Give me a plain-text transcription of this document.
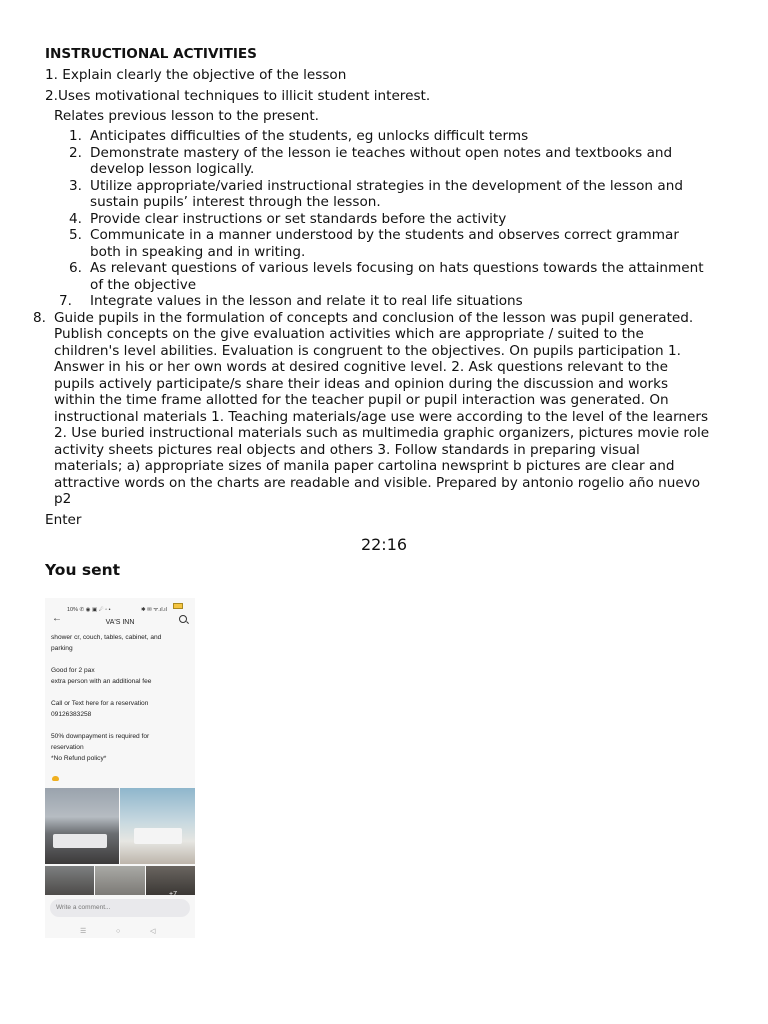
INSTRUCTIONAL ACTIVITIES
1. Explain clearly the objective of the lesson
2.Uses motivational techniques to illicit student interest.
Relates previous lesson to the present.
1. Anticipates difficulties of the students, eg unlocks difficult terms
2. Demonstrate mastery of the lesson ie teaches without open notes and textbooks and
develop lesson logically.
3. Utilize appropriate/varied instructional strategies in the development of the lesson and
sustain pupils’ interest through the lesson.
4. Provide clear instructions or set standards before the activity
5. Communicate in a manner understood by the students and observes correct grammar
both in speaking and in writing.
6. As relevant questions of various levels focusing on hats questions towards the attainment
of the objective
7. Integrate values in the lesson and relate it to real life situations
8. Guide pupils in the formulation of concepts and conclusion of the lesson was pupil generated.
Publish concepts on the give evaluation activities which are appropriate / suited to the
children's level abilities. Evaluation is congruent to the objectives. On pupils participation 1.
Answer in his or her own words at desired cognitive level. 2. Ask questions relevant to the
pupils actively participate/s share their ideas and opinion during the discussion and works
within the time frame allotted for the teacher pupil or pupil interaction was generated. On
instructional materials 1. Teaching materials/age use were according to the level of the learners
2. Use buried instructional materials such as multimedia graphic organizers, pictures movie role
activity sheets pictures real objects and others 3. Follow standards in preparing visual
materials; a) appropriate sizes of manila paper cartolina newsprint b pictures are clear and
attractive words on the charts are readable and visible. Prepared by antonio rogelio año nuevo
p2
Enter
22:16
You sent
10% ✆ ◉ ▣ ☄ ◦ •	✱ ✉ ᯤ.ıl.ıl
←	VA'S INN
shower cr, couch, tables, cabinet, and
parking
Good for 2 pax
extra person with an additional fee
Call or Text here for a reservation
09126383258
50% downpayment is required for
reservation
*No Refund policy*
+7
Write a comment...
☰	○	◁
